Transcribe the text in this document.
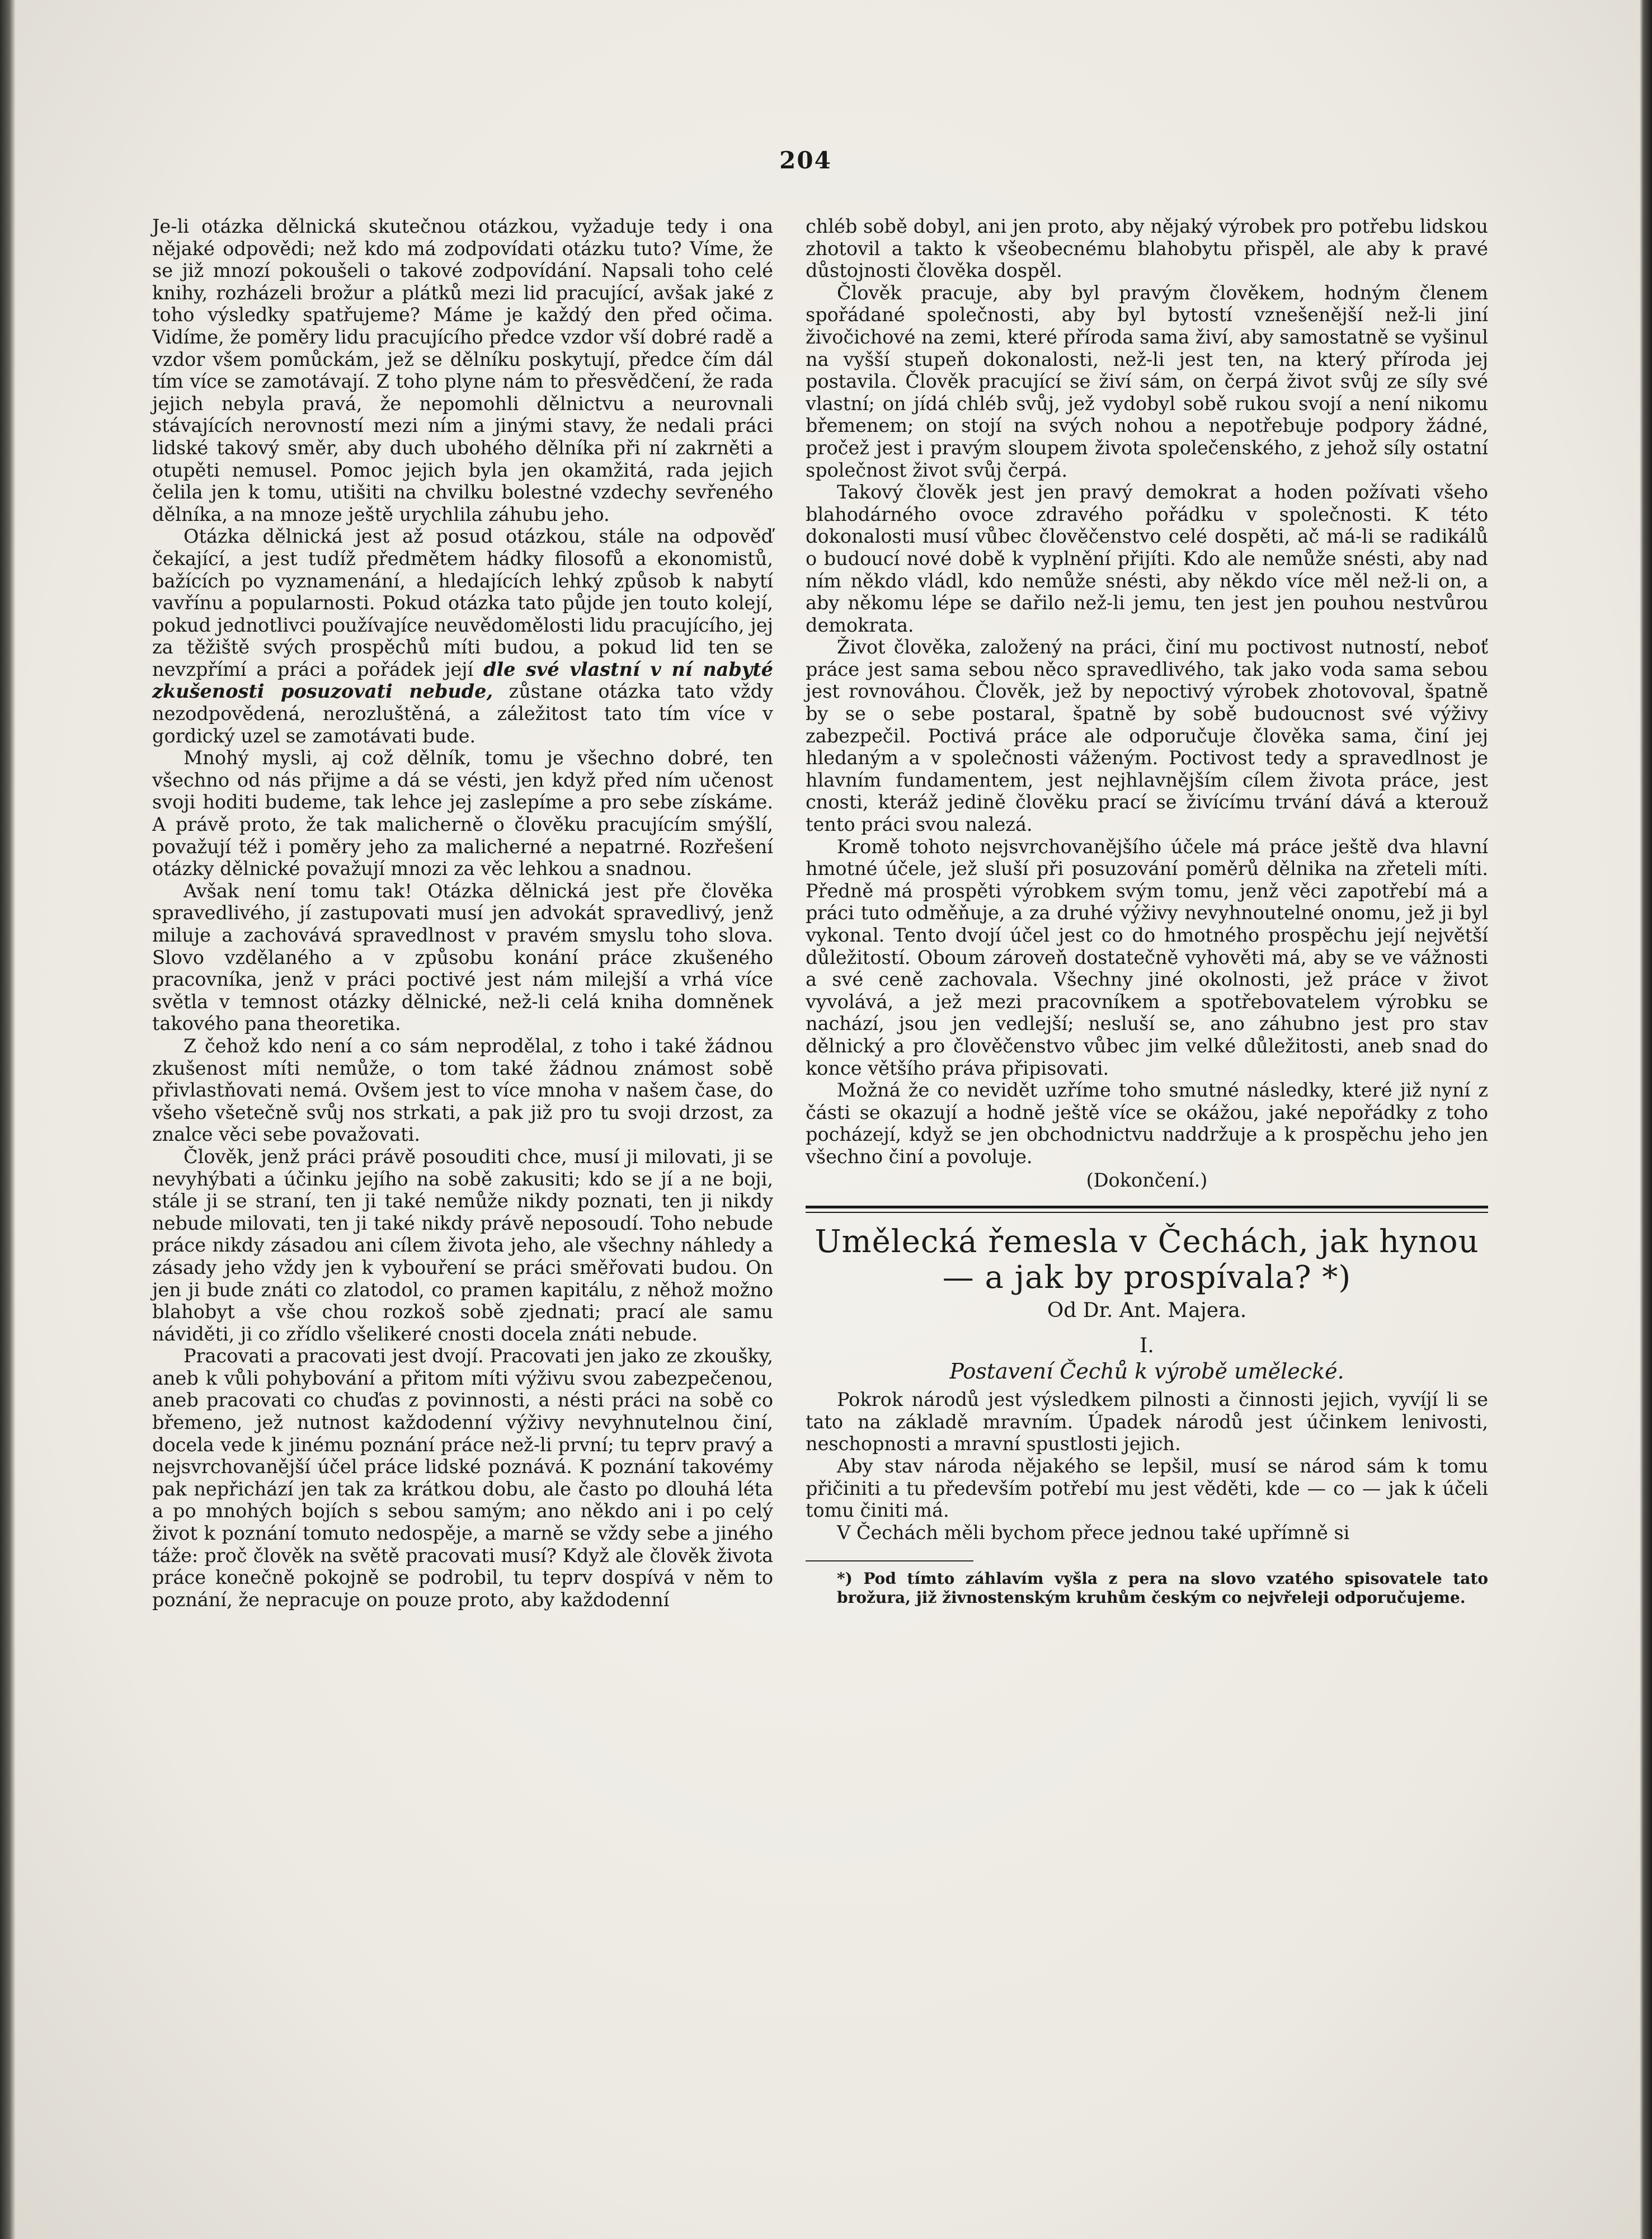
204

Je-li otázka dělnická skutečnou otázkou, vyžaduje tedy i ona nějaké odpovědi; než kdo má zodpovídati otázku tuto? Víme, že se již mnozí pokoušeli o takové zodpovídání. Napsali toho celé knihy, rozházeli brožur a plátků mezi lid pracující, avšak jaké z toho výsledky spatřujeme? Máme je každý den před očima. Vidíme, že poměry lidu pracujícího předce vzdor vší dobré radě a vzdor všem pomůckám, jež se dělníku poskytují, předce čím dál tím více se zamotávají. Z toho plyne nám to přesvědčení, že rada jejich nebyla pravá, že nepomohli dělnictvu a neurovnali stávajících nerovností mezi ním a jinými stavy, že nedali práci lidské takový směr, aby duch ubohého dělníka při ní zakrněti a otupěti nemusel. Pomoc jejich byla jen okamžitá, rada jejich čelila jen k tomu, utišiti na chvilku bolestné vzdechy sevřeného dělníka, a na mnoze ještě urychlila záhubu jeho.

Otázka dělnická jest až posud otázkou, stále na odpověď čekající, a jest tudíž předmětem hádky filosofů a ekonomistů, bažících po vyznamenání, a hledajících lehký způsob k nabytí vavřínu a popularnosti. Pokud otázka tato půjde jen touto kolejí, pokud jednotlivci používajíce neuvědomělosti lidu pracujícího, jej za těžiště svých prospěchů míti budou, a pokud lid ten se nevzpřímí a práci a pořádek její dle své vlastní v ní nabyté zkušenosti posuzovati nebude, zůstane otázka tato vždy nezodpovědená, nerozluštěná, a záležitost tato tím více v gordický uzel se zamotávati bude.

Mnohý mysli, aj což dělník, tomu je všechno dobré, ten všechno od nás přijme a dá se vésti, jen když před ním učenost svoji hoditi budeme, tak lehce jej zaslepíme a pro sebe získáme. A právě proto, že tak malicherně o člověku pracujícím smýšlí, považují též i poměry jeho za malicherné a nepatrné. Rozřešení otázky dělnické považují mnozi za věc lehkou a snadnou.

Avšak není tomu tak! Otázka dělnická jest pře člověka spravedlivého, jí zastupovati musí jen advokát spravedlivý, jenž miluje a zachovává spravedlnost v pravém smyslu toho slova. Slovo vzdělaného a v způsobu konání práce zkušeného pracovníka, jenž v práci poctivé jest nám milejší a vrhá více světla v temnost otázky dělnické, než-li celá kniha domněnek takového pana theoretika.

Z čehož kdo není a co sám neprodělal, z toho i také žádnou zkušenost míti nemůže, o tom také žádnou známost sobě přivlastňovati nemá. Ovšem jest to více mnoha v našem čase, do všeho všetečně svůj nos strkati, a pak již pro tu svoji drzost, za znalce věci sebe považovati.

Člověk, jenž práci právě posouditi chce, musí ji milovati, ji se nevyhýbati a účinku jejího na sobě zakusiti; kdo se jí a ne boji, stále ji se straní, ten ji také nemůže nikdy poznati, ten ji nikdy nebude milovati, ten ji také nikdy právě neposoudí. Toho nebude práce nikdy zásadou ani cílem života jeho, ale všechny náhledy a zásady jeho vždy jen k vybouření se práci směřovati budou. On jen ji bude znáti co zlatodol, co pramen kapitálu, z něhož možno blahobyt a vše chou rozkoš sobě zjednati; prací ale samu náviděti, ji co zřídlo všelikeré cnosti docela znáti nebude.

Pracovati a pracovati jest dvojí. Pracovati jen jako ze zkoušky, aneb k vůli pohybování a přitom míti výživu svou zabezpečenou, aneb pracovati co chuďas z povinnosti, a nésti práci na sobě co břemeno, jež nutnost každodenní výživy nevyhnutelnou činí, docela vede k jinému poznání práce než-li první; tu teprv pravý a nejsvrchovanější účel práce lidské poznává. K poznání takovémy pak nepřichází jen tak za krátkou dobu, ale často po dlouhá léta a po mnohých bojích s sebou samým; ano někdo ani i po celý život k poznání tomuto nedospěje, a marně se vždy sebe a jiného táže: proč člověk na světě pracovati musí? Když ale člověk života práce konečně pokojně se podrobil, tu teprv dospívá v něm to poznání, že nepracuje on pouze proto, aby každodenní

chléb sobě dobyl, ani jen proto, aby nějaký výrobek pro potřebu lidskou zhotovil a takto k všeobecnému blahobytu přispěl, ale aby k pravé důstojnosti člověka dospěl.

Člověk pracuje, aby byl pravým člověkem, hodným členem spořádané společnosti, aby byl bytostí vznešenější než-li jiní živočichové na zemi, které příroda sama živí, aby samostatně se vyšinul na vyšší stupeň dokonalosti, než-li jest ten, na který příroda jej postavila. Člověk pracující se živí sám, on čerpá život svůj ze síly své vlastní; on jídá chléb svůj, jež vydobyl sobě rukou svojí a není nikomu břemenem; on stojí na svých nohou a nepotřebuje podpory žádné, pročež jest i pravým sloupem života společenského, z jehož síly ostatní společnost život svůj čerpá.

Takový člověk jest jen pravý demokrat a hoden požívati všeho blahodárného ovoce zdravého pořádku v společnosti. K této dokonalosti musí vůbec člověčenstvo celé dospěti, ač má-li se radikálů o budoucí nové době k vyplnění přijíti. Kdo ale nemůže snésti, aby nad ním někdo vládl, kdo nemůže snésti, aby někdo více měl než-li on, a aby někomu lépe se dařilo než-li jemu, ten jest jen pouhou nestvůrou demokrata.

Život člověka, založený na práci, činí mu poctivost nutností, neboť práce jest sama sebou něco spravedlivého, tak jako voda sama sebou jest rovnováhou. Člověk, jež by nepoctivý výrobek zhotovoval, špatně by se o sebe postaral, špatně by sobě budoucnost své výživy zabezpečil. Poctivá práce ale odporučuje člověka sama, činí jej hledaným a v společnosti váženým. Poctivost tedy a spravedlnost je hlavním fundamentem, jest nejhlavnějším cílem života práce, jest cnosti, kteráž jedině člověku prací se živícímu trvání dává a kterouž tento práci svou nalezá.

Kromě tohoto nejsvrchovanějšího účele má práce ještě dva hlavní hmotné účele, jež sluší při posuzování poměrů dělnika na zřeteli míti. Předně má prospěti výrobkem svým tomu, jenž věci zapotřebí má a práci tuto odměňuje, a za druhé výživy nevyhnoutelné onomu, jež ji byl vykonal. Tento dvojí účel jest co do hmotného prospěchu její největší důležitostí. Oboum zároveň dostatečně vyhověti má, aby se ve vážnosti a své ceně zachovala. Všechny jiné okolnosti, jež práce v život vyvolává, a jež mezi pracovníkem a spotřebovatelem výrobku se nachází, jsou jen vedlejší; nesluší se, ano záhubno jest pro stav dělnický a pro člověčenstvo vůbec jim velké důležitosti, aneb snad do konce většího práva připisovati.

Možná že co nevidět uzříme toho smutné následky, které již nyní z části se okazují a hodně ještě více se okážou, jaké nepořádky z toho pocházejí, když se jen obchodnictvu naddržuje a k prospěchu jeho jen všechno činí a povoluje.

(Dokončení.)
Umělecká řemesla v Čechách, jak hynou
— a jak by prospívala? *)
Od Dr. Ant. Majera.
I.
Postavení Čechů k výrobě umělecké.

Pokrok národů jest výsledkem pilnosti a činnosti jejich, vyvíjí li se tato na základě mravním. Úpadek národů jest účinkem lenivosti, neschopnosti a mravní spustlosti jejich.

Aby stav národa nějakého se lepšil, musí se národ sám k tomu přičiniti a tu především potřebí mu jest věděti, kde — co — jak k účeli tomu činiti má.

V Čechách měli bychom přece jednou také upřímně si

*) Pod tímto záhlavím vyšla z pera na slovo vzatého spisovatele tato brožura, již živnostenským kruhům českým co nejvřeleji odporučujeme.
